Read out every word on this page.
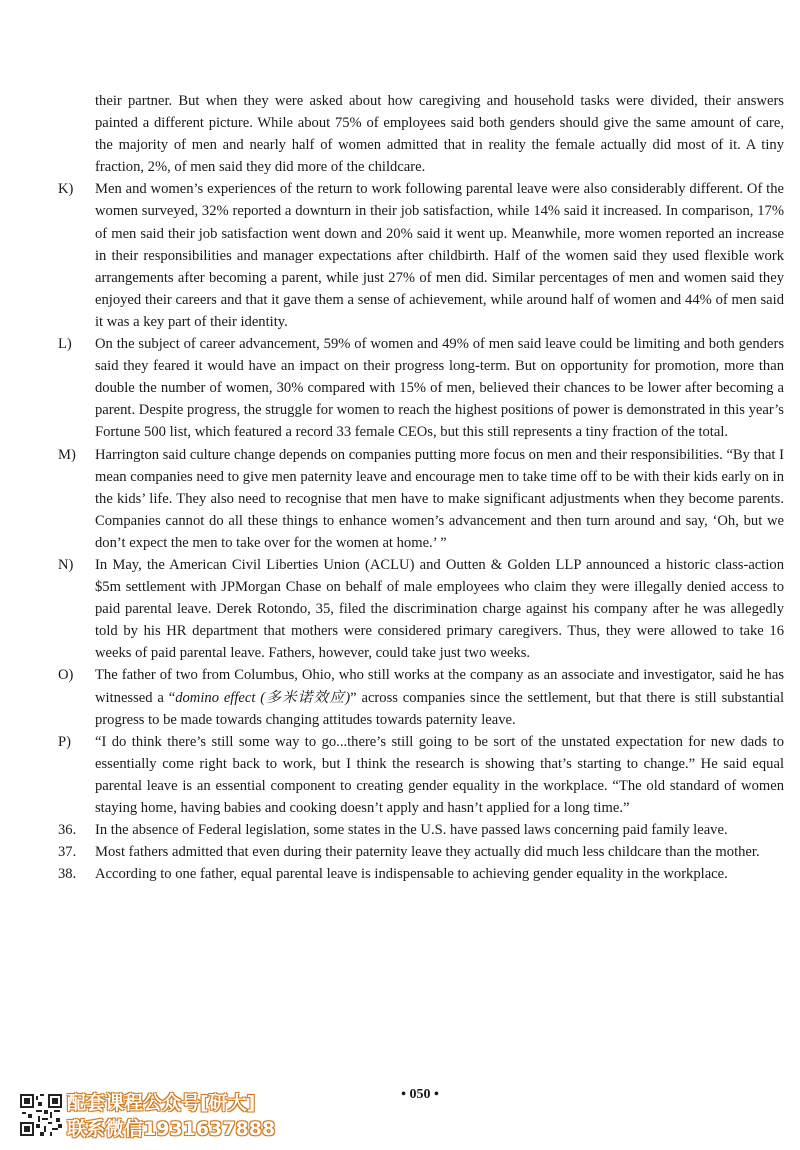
their partner. But when they were asked about how caregiving and household tasks were divided, their answers painted a different picture. While about 75% of employees said both genders should give the same amount of care, the majority of men and nearly half of women admitted that in reality the female actually did most of it. A tiny fraction, 2%, of men said they did more of the childcare.

K) Men and women’s experiences of the return to work following parental leave were also considerably different. Of the women surveyed, 32% reported a downturn in their job satisfaction, while 14% said it increased. In comparison, 17% of men said their job satisfaction went down and 20% said it went up. Meanwhile, more women reported an increase in their responsibilities and manager expectations after childbirth. Half of the women said they used flexible work arrangements after becoming a parent, while just 27% of men did. Similar percentages of men and women said they enjoyed their careers and that it gave them a sense of achievement, while around half of women and 44% of men said it was a key part of their identity.

L) On the subject of career advancement, 59% of women and 49% of men said leave could be limiting and both genders said they feared it would have an impact on their progress long-term. But on opportunity for promotion, more than double the number of women, 30% compared with 15% of men, believed their chances to be lower after becoming a parent. Despite progress, the struggle for women to reach the highest positions of power is demonstrated in this year’s Fortune 500 list, which featured a record 33 female CEOs, but this still represents a tiny fraction of the total.

M) Harrington said culture change depends on companies putting more focus on men and their responsibilities. “By that I mean companies need to give men paternity leave and encourage men to take time off to be with their kids early on in the kids’ life. They also need to recognise that men have to make significant adjustments when they become parents. Companies cannot do all these things to enhance women’s advancement and then turn around and say, ‘Oh, but we don’t expect the men to take over for the women at home.’ ”

N) In May, the American Civil Liberties Union (ACLU) and Outten & Golden LLP announced a historic class-action $5m settlement with JPMorgan Chase on behalf of male employees who claim they were illegally denied access to paid parental leave. Derek Rotondo, 35, filed the discrimination charge against his company after he was allegedly told by his HR department that mothers were considered primary caregivers. Thus, they were allowed to take 16 weeks of paid parental leave. Fathers, however, could take just two weeks.

O) The father of two from Columbus, Ohio, who still works at the company as an associate and investigator, said he has witnessed a “domino effect (多米诺效应)” across companies since the settlement, but that there is still substantial progress to be made towards changing attitudes towards paternity leave.

P) “I do think there’s still some way to go...there’s still going to be sort of the unstated expectation for new dads to essentially come right back to work, but I think the research is showing that’s starting to change.” He said equal parental leave is an essential component to creating gender equality in the workplace. “The old standard of women staying home, having babies and cooking doesn’t apply and hasn’t applied for a long time.”

36. In the absence of Federal legislation, some states in the U.S. have passed laws concerning paid family leave.

37. Most fathers admitted that even during their paternity leave they actually did much less childcare than the mother.

38. According to one father, equal parental leave is indispensable to achieving gender equality in the workplace.

• 050 •
配套课程公众号[研大]
联系微信1931637888
